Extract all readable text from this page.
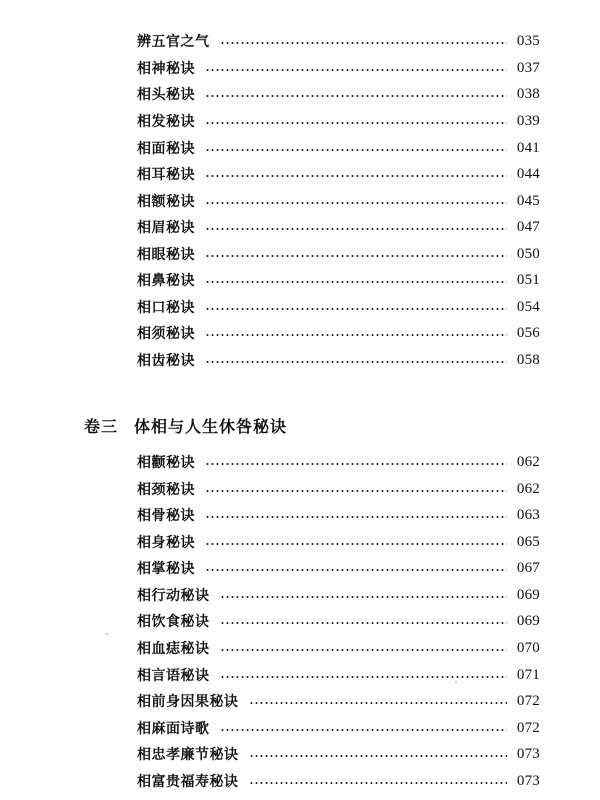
辨五官之气	035
相神秘诀	037
相头秘诀	038
相发秘诀	039
相面秘诀	041
相耳秘诀	044
相额秘诀	045
相眉秘诀	047
相眼秘诀	050
相鼻秘诀	051
相口秘诀	054
相须秘诀	056
相齿秘诀	058
卷三 体相与人生休咎秘诀
相颧秘诀	062
相颈秘诀	062
相骨秘诀	063
相身秘诀	065
相掌秘诀	067
相行动秘诀	069
相饮食秘诀	069
相血痣秘诀	070
相言语秘诀	071
相前身因果秘诀	072
相麻面诗歌	072
相忠孝廉节秘诀	073
相富贵福寿秘诀	073
